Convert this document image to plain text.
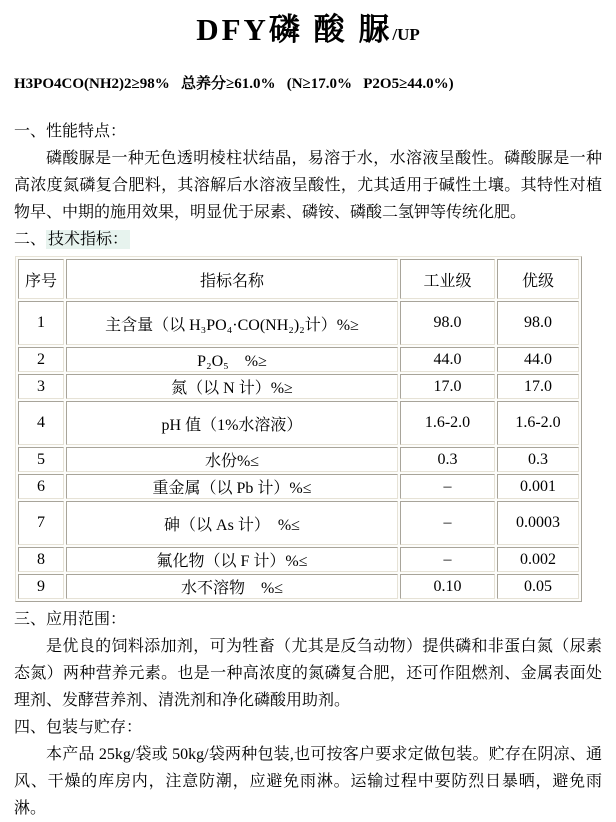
DFY磷 酸 脲/UP
H3PO4CO(NH2)2≥98%   总养分≥61.0%   (N≥17.0%   P2O5≥44.0%)
一、性能特点：

磷酸脲是一种无色透明棱柱状结晶，易溶于水，水溶液呈酸性。磷酸脲是一种高浓度氮磷复合肥料，其溶解后水溶液呈酸性，尤其适用于碱性土壤。其特性对植物早、中期的施用效果，明显优于尿素、磷铵、磷酸二氢钾等传统化肥。

二、 技术指标：
序号	指标名称	工业级	优级
1	主含量（以 H₃PO₄·CO(NH₂)₂计）%≥	98.0	98.0
2	P₂O₅　%≥	44.0	44.0
3	氮（以 N 计）%≥	17.0	17.0
4	pH 值（1%水溶液）	1.6-2.0	1.6-2.0
5	水份%≤	0.3	0.3
6	重金属（以 Pb 计）%≤	–	0.001
7	砷（以 As 计）　%≤	–	0.0003
8	氟化物（以 F 计）%≤	–	0.002
9	水不溶物　%≤	0.10	0.05
三、应用范围：

是优良的饲料添加剂，可为牲畜（尤其是反刍动物）提供磷和非蛋白氮（尿素态氮）两种营养元素。也是一种高浓度的氮磷复合肥，还可作阻燃剂、金属表面处理剂、发酵营养剂、清洗剂和净化磷酸用助剂。

四、包装与贮存：

本产品 25kg/袋或 50kg/袋两种包装,也可按客户要求定做包装。贮存在阴凉、通风、干燥的库房内，注意防潮，应避免雨淋。运输过程中要防烈日暴晒，避免雨淋。
